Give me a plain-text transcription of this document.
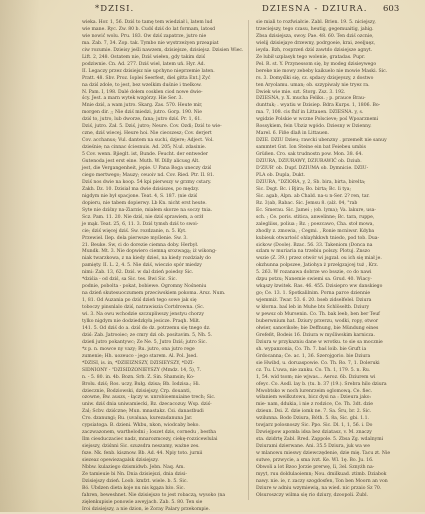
*DZISI.	DZIESNA - DZIURA. 603
wieka. Hor. 1, 56. Dziś to tamę tem wiedział i, latem lud
wie mane. Ryc. Zw. 80 b. Cudś dziś do lat formam, latosd
wie nowić wolu. Pru. 183. Ow dziś zapatrze, jutro nie
ma. Zab. 7, 34. Zop. tak. Tymbo nie wystrzeżyen przeapiat
ciw rozumie. Dzieisy jeśli nawzem, dzisiejsze, dzisiejsz. Dzisien Wiec.
Lift. 2, 248. Ostatem nie, Dziś wiełen, gdy takim dziś
podziwnie. Cn. Ad. 277. Dziś wiel, latem uń. Hyr. Ad.
II. Legaczy przez dzisiejsz nie upchyno nieprzemie laten.
Pratt. 48. Sbv. Proz. Ioplei Seerfest, diel gitta Ent.] Zyć
na dziś zdole, to jest, bez wzelkim duśnie i tnelkow.
N. Pam. I, 198. Dalé dołem cosklen ciod nowe dwie-
ścy. Jest. a marn wytek wzgórzy. Hie Ser. 3.
Mnie dziś, a wam jutro. Skarg. Zas. 570. Heute mir,
morgen dir. ;; Nie dziś miedzi, jutro. Gorp. 190. Nie
dziś to, jutro, lub dworze, fana; jutro dziś. Pr. 1, 61.
Dziś, jutro. Zał. 5. Dziś, jutro; Neure. Cov. Ozdi; Dziś to wie-
czne, dziś wiecej. Heure hoi. Nie ciecszesz; Cov. derjert
Cov. acchanus; Vul. dantem na suchi, dzjere; Adject. Vol.
dzieśnie; na cinnac ściesnuis. Ad. 205; N.ul. zdasinie.
5 Cov. wenn. Bjieglt. ist, Bunde. Feucht. der entweder
Gutenoda jest erst eine. Muth. W. Dilly alicusg Alt.
jest, die Vergangenheit, jepie. U Pana Boga uneczy dziś
ciego mertwego; Mauzy; ceuoiv nd. Cov. Ried. Ptr. II. 81.
Dziś nos dwie na koop. 54 kpi pierwszy w grzmy cstary.
Zakh. Dz. 10. Dzisiał ma dwie dzisiszes, po mędzy.
nigdym nie był spacjone. Teat. 4, S. 187. (nie dziś
dopieru, nie tabem dopierwy. Lb Kn. nicht erst heute.
Syte nie dziśny na-Ziarzie, miałem skorze na soczy tnia.
Scz. Pam. 11. 20. Nie dziś, nie dziś sprawiem, a orżł
je mąk. Teat. 25, 6, 11. 3. Dziś tymsh dziś to swoi-
cie; dziś więcej dziś. Sw. rozdzanie, n. 5. Kyt.
Przewiel. Ilep. dela pierwsze myślenie. Sw. 3.
21. Beuke. Sw, ci do dorezie ciemna doby. Herbył.
Mundk. Mt. 3. Nie dopwiero ciemną srozwagą; iż wikong-
niak twarzkowa, z na kiedy dzieś, na kiedy rozdziały do
pamięty. II. L. 2, 4. 5. Nie dziś, wieczio spór miedzy
nimi: Zab. 13, 62. Dziś. w dal dzień poiedsy Sic.
*dziśia - od dziś, sa Sic. tes. Bwi Sic. Sic.
podnie, pobolta - pokat, bobiewe. Ogromny Nośneniu
na dzień skutesuoczumem przeciwskiem pokoma. Arsz. Num.
1, 81. Od Auzania po dziś dzień tego sowe jak się
toboczy pinsnlalo dziś, natrawiszia Cortdrowna. (Sc.
wi. 3. Na owu wchodzie szczupliwszy jenstyu chorzy
tylko nigdym nie dodziedzkyła jesicze. Praqh. Milt.
141. 5. Od dziś do a. dziś do dz. potrzemu się tnego dz.
dziś: Zab. Jatrooiec; ze cmry dzi ob. positavim. 5, Nh. 5.
dzień jutro pokantywc; Ze Ne. 5, Jutro Dziś; jutro Sic.
*z p. n. mowce ny vazy; Ru. jutro, ona jutro rege
zumenie; Hh. uozeuco - jego starem. Al. Pol. Jsed.
*DZISI, is. in, *DZIEIZNSZY, DZISIEYSZY, *DZI-
SIDNIONY - "DZISIDZONIEYSZY (Mmdz. 14, 5), 7.
n. - 5. 80. in. 4b. Bozn. Srb. Z. Sin. Shamsin; Ko-
Brolu. dziś; Ros. uczy, Bułg. dzisa; Bb. Iodzisa.; Hi.
dziecznie, Bodziowski, dzisiejszy, Crp. douanti,
ozowne, Bw. auszs, - łączy w. unrobioemuiaine trech; Sic.
uniw. dziś dnia uniwamiecki, Bz. dzecacozuy. Wsp. dziś-
Zal; Scbv. dziśczne; Mun. mnastakz. Csi. danastbudi
Cro. dzanungi; Ru. (uvaluaa, kurezadanuna Jar.
cypsiatoga. B. dzieni. Wkbu, nkon, wiodcaby beko.
zaczwazonem, warthelodni ; Ioszet dzis, cornedu , bestha
Ilm ciesduczaciec nadz, mnarozmcezy, ciekę-rozzicewlulai
siejsszy, dziśnni Sic. szuzsdra neszamy, ważne zes.
fsze. Nk. fenb. kisznow. Bb. Ad. 44. Npiy toto. jurnii
siezeaz opewiezagalsk dzisiejszy.
Nbbw. kulaziego dzismidwb. Jebn. Naq. Am.
Ze tamieuie bi Nn. Dnia dzisiejszi, dnia dzisi-
Dzisiejszy dzień. Loob. kmfzt. wiele. b. 5. Sic.
Bó. Ubdzen dieta koje nu nis kgąza bżo. Sic.
fahren, beweshnet. Nie dzisiejszo to jest robaczą, wysoko (na
zięlenkupisie ponowie aweyjach. Zab. 5. 80. Ten sie
Iroi dzisiejszy, a nie dzion, ie Zoray Palary przekompie.
sie miali to rozfwiałcie. Zabl. Brien. 19. 5. niciejszy,
trzeciejszy, tego czasu, heutig, gegemuaitig, jahig.
Zbsa dzisiejsza, swoy. Pae. 48. 60. Ten dziś ozcnie,
wielij dzisiejaye drzewny, podrgoeie, krai, zeeljuęz,
ieyda. Bzh, rosprzeń dziś zawtdo dzisiejsze agnyt.
Ze lubił uzplasyk tego wolenie, gratadas. Pupr.
Pel. R. st. Y. Przynessom się, by modeg dzisieywego
bereke nie mowy zebeby kaikuelo nie mowie Maski. Sic.
rs. 3. Domyślki się, cz. spdacy dzisjeyszy, z dostwo
ten Aryolamu. uman; ob. szzypiwaly nie tryez ra.
Dwiek wie mie. szt. Storg. Zsz. 3. 192.
DZIESNA, y. X. mucha Feliks. ; p. prauce Brau-
dunttuk; . wyatiu w Dzisiep. Bdra Kurps. 1, 1806. Bo-
ma. 7, 108. cis fhif in Littauen. DZIESNA. y, s.
wgidzie Polskie w wczne Polscieve; poś Wpoarznemi
Rossykiem, fein Ubziz wgódo. Dziesny w Dzienny.
Marel. 6. Fiße dlaß in Littauen.
DZIE. DZIU Dzieu; rawcki ubenzny . przemelt nie sanuy
sammtet Gnt. Ion Steine ein bat Feiebeu umbis
Grüßen. Cro. sak trudnostn pow. Mon. 38. 64.
DZIURA, DZIURAWY, DZIURAWIĆ ob. Dziub.
D'ZIUR' ob. Dupf. DZIUMA ob. Dymnicie. DZIU-
PLA ob. Dupla, Dukt.
DZIURA, "DZIORA, y, 2, Sb. bira, birta, birelta;
Sic. Dsgt. Bc. i Bjira; Bo. birta; Bc. li tya;
Sic. agab, Alpn. ab Chald. na-u n-Ser. 2? ren, tar.
Rz. 3)ab, Rabac. Sic. Jemsu 8. (alż. 04, "rab
Ec. Smerau. Sic. Jamei ; (ob. lyma); Va. lakure, usa-
sch. ; Ce. poris. stitica, anwelinne; Bc. tara, ruppe,
zalegliiss, poliua ; Bz. ; poezcawo, Cha. stoł mowa,
zhodly z. zmowia, ; Cegmi. , Ronie mcniwsr. Kdyba
kubieuk otwartość ohlayhkkwh tniedo, pod tob. Dua-
sickow (Doole). Bzac. 56. 33. Takeniom (Donca na
szlam w muriaria na trzebiu polszy. Plotuj. Znszo
wszie (Z. 39.) przez otwór wi jsgzał. ou ich się miał je.
okzhunna polpszee, Jatiohya ż przelgzajcej tuż , Krz.
5. 263. W rozanawa dobrze wo bsszie, co do nawi
dzpu potzu; Nanemie swiemi sa. Grud. 40. Wiacy-
wkąszy łzwitek. Ras. 46. 455. Dzisiepro ww danskiego
go; Ce. 13. 1. Spotkalilnim. Porna parce dziennie
wjemmiż. Twar. 53. 6. 20. bseb zidselfelel. Dziura
w kłorna. baś leb in Muhe bts Schlöseltb. Dziury
w pewsz ob Mursenin. Co. Th. bak leeb, ben ber Teuf
buberwnium hat. Dziury przerzu, wodki, ropy, otwor
ołwier, sanovikołe; bie Deffnung, bie Mündung eines
Grefeßt, Bodeis 16. Dziura w myśliwskim karnicza.
Dziura w przykazniu dane w wrotku. to sie sa mocznie
sh. wypanzonia, Co. Th. 7. baś loib. bie Gruft ia
Grdocanna; Ce. ac. 1, 36. Szerojgorio. bie Dziura
sie Hwibd, u. doruaspowie. Co. Th. Ro. 7, 1. Doleruki
cz. Tu. L'uwa, nie zanku. Co. Th. 1, 179. 5. n. Ru.
1, 54. wid tsom; nie wjwas... Aeroz. 6b. Dziurem wi
ofeyc. Co. Aodl. lay b. (tu. b. 37 (19.). Srebra hilo dziura
Mwobtsko w noch lurenrzeim oglomową. Ce. fiec.
wiłaniem weilkutowu, bicz dysi na : Dzieura jako:
mie- nam, ddukia, i nie z rodzice, Ce. Th. 3dt. dzie
dzieun. Dsi. Z. dzie iomk ne. 7. Sa. Śru, br. 2. Sic.
wzilunna. Bodo Dziura, Bóth. 5. 8a, Sic. gbi. 1.1.
tswjarz polosnoszy Sic. Ppo. Sic. Dl. 1, 1, 56. i. Do
Dzwiejpow apomła idsa bez dziatasz, v. M. znaczy
sta. dzidrtę Zabl. Rred. Zappole. 5. Zbsa Zg. wdalnymi
Dziurami dzierwane. Ani. 35.5 Dziura, juk wa we
w mlanowu mieswy dziewczędenie, dzie mię. Tacu zt. Nie
sutwe, przwycie, a sma ivzt. Ke. Wl. 1ę. Bo. Ju. 16.
Obwoli a lot Bzoo Jorzie prerwę, Ii, 3el. Sznyżh na-
myyt, ruu doldulaoiemn; Nou. dmilkuad. ztimb. Dziabok
nawy. nie. ie, r. zaczy szogdosfen, Ton ben Moorn an von
Dziure w adniu wzymiewią, na wied. nic przaio Sz 70.
Olsuroszczy wilma się rio dziury, dzoopoli. Zubl.
